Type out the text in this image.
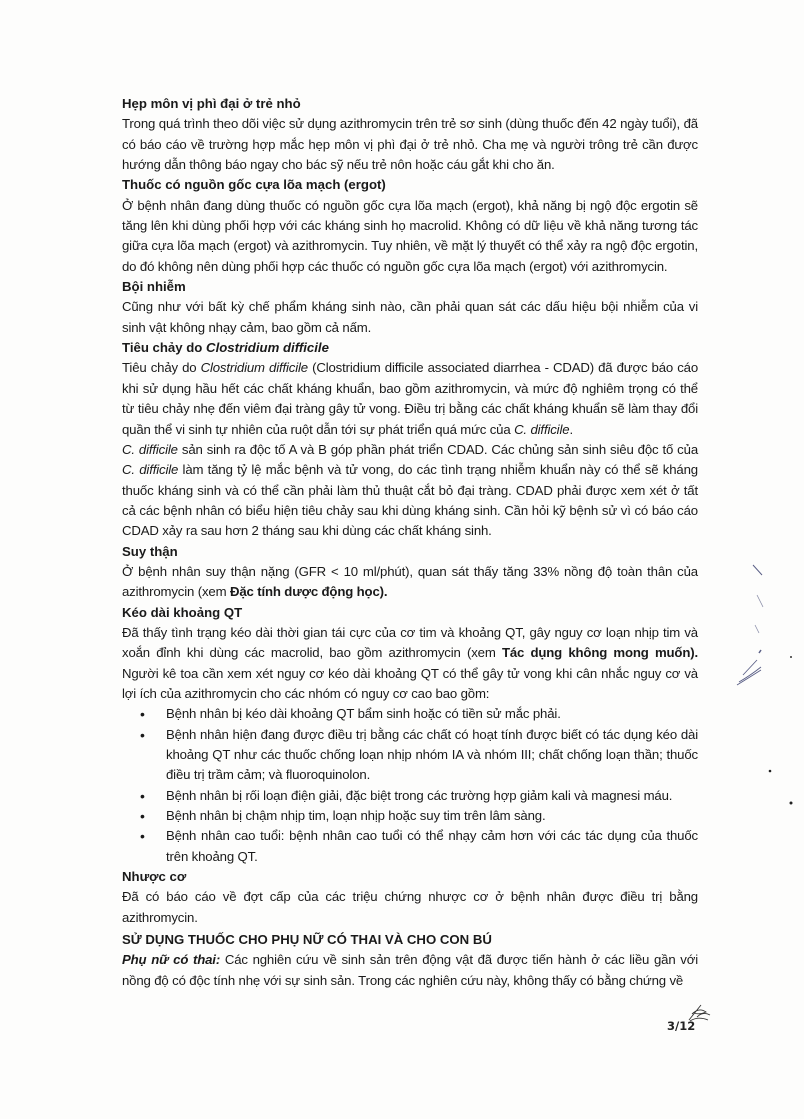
Hẹp môn vị phì đại ở trẻ nhỏ

Trong quá trình theo dõi việc sử dụng azithromycin trên trẻ sơ sinh (dùng thuốc đến 42 ngày tuổi), đã có báo cáo về trường hợp mắc hẹp môn vị phì đại ở trẻ nhỏ. Cha mẹ và người trông trẻ cần được hướng dẫn thông báo ngay cho bác sỹ nếu trẻ nôn hoặc cáu gắt khi cho ăn.

Thuốc có nguồn gốc cựa lõa mạch (ergot)

Ở bệnh nhân đang dùng thuốc có nguồn gốc cựa lõa mạch (ergot), khả năng bị ngộ độc ergotin sẽ tăng lên khi dùng phối hợp với các kháng sinh họ macrolid. Không có dữ liệu về khả năng tương tác giữa cựa lõa mạch (ergot) và azithromycin. Tuy nhiên, về mặt lý thuyết có thể xảy ra ngộ độc ergotin, do đó không nên dùng phối hợp các thuốc có nguồn gốc cựa lõa mạch (ergot) với azithromycin.

Bội nhiễm

Cũng như với bất kỳ chế phẩm kháng sinh nào, cần phải quan sát các dấu hiệu bội nhiễm của vi sinh vật không nhạy cảm, bao gồm cả nấm.

Tiêu chảy do Clostridium difficile

Tiêu chảy do Clostridium difficile (Clostridium difficile associated diarrhea - CDAD) đã được báo cáo khi sử dụng hầu hết các chất kháng khuẩn, bao gồm azithromycin, và mức độ nghiêm trọng có thể từ tiêu chảy nhẹ đến viêm đại tràng gây tử vong. Điều trị bằng các chất kháng khuẩn sẽ làm thay đổi quần thể vi sinh tự nhiên của ruột dẫn tới sự phát triển quá mức của C. difficile.

C. difficile sản sinh ra độc tố A và B góp phần phát triển CDAD. Các chủng sản sinh siêu độc tố của C. difficile làm tăng tỷ lệ mắc bệnh và tử vong, do các tình trạng nhiễm khuẩn này có thể sẽ kháng thuốc kháng sinh và có thể cần phải làm thủ thuật cắt bỏ đại tràng. CDAD phải được xem xét ở tất cả các bệnh nhân có biểu hiện tiêu chảy sau khi dùng kháng sinh. Cần hỏi kỹ bệnh sử vì có báo cáo CDAD xảy ra sau hơn 2 tháng sau khi dùng các chất kháng sinh.

Suy thận

Ở bệnh nhân suy thận nặng (GFR < 10 ml/phút), quan sát thấy tăng 33% nồng độ toàn thân của azithromycin (xem Đặc tính dược động học).

Kéo dài khoảng QT

Đã thấy tình trạng kéo dài thời gian tái cực của cơ tim và khoảng QT, gây nguy cơ loạn nhịp tim và xoắn đỉnh khi dùng các macrolid, bao gồm azithromycin (xem Tác dụng không mong muốn). Người kê toa cần xem xét nguy cơ kéo dài khoảng QT có thể gây tử vong khi cân nhắc nguy cơ và lợi ích của azithromycin cho các nhóm có nguy cơ cao bao gồm:

• Bệnh nhân bị kéo dài khoảng QT bẩm sinh hoặc có tiền sử mắc phải.
• Bệnh nhân hiện đang được điều trị bằng các chất có hoạt tính được biết có tác dụng kéo dài khoảng QT như các thuốc chống loạn nhịp nhóm IA và nhóm III; chất chống loạn thần; thuốc điều trị trầm cảm; và fluoroquinolon.
• Bệnh nhân bị rối loạn điện giải, đặc biệt trong các trường hợp giảm kali và magnesi máu.
• Bệnh nhân bị chậm nhịp tim, loạn nhịp hoặc suy tim trên lâm sàng.
• Bệnh nhân cao tuổi: bệnh nhân cao tuổi có thể nhạy cảm hơn với các tác dụng của thuốc trên khoảng QT.
Nhược cơ

Đã có báo cáo về đợt cấp của các triệu chứng nhược cơ ở bệnh nhân được điều trị bằng azithromycin.

SỬ DỤNG THUỐC CHO PHỤ NỮ CÓ THAI VÀ CHO CON BÚ

Phụ nữ có thai: Các nghiên cứu về sinh sản trên động vật đã được tiến hành ở các liều gần với nồng độ có độc tính nhẹ với sự sinh sản. Trong các nghiên cứu này, không thấy có bằng chứng về

3/12
